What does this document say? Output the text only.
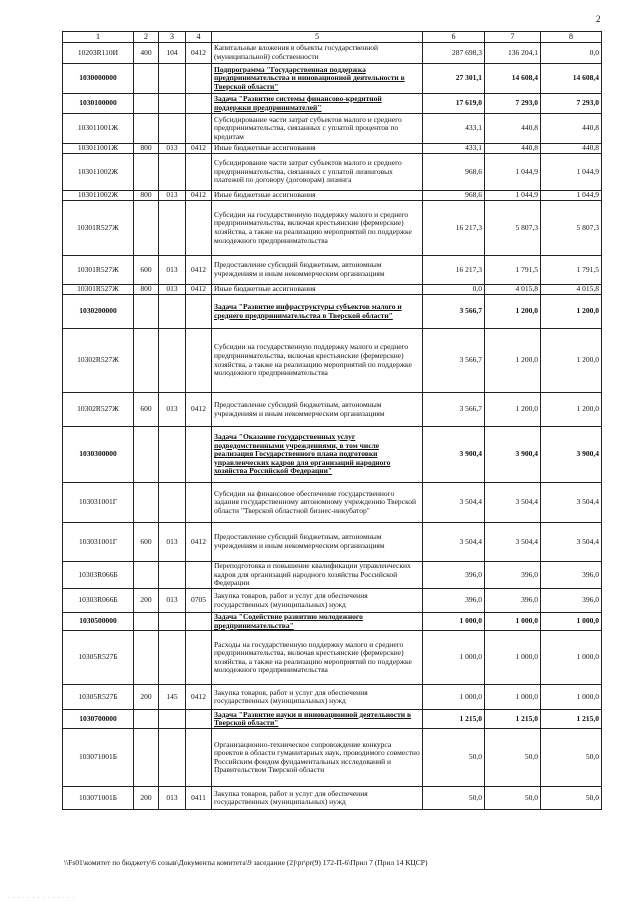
2
1	2	3	4	5	6	7	8
10203R110И	400	104	0412	Капитальные вложения в объекты государственной (муниципальной) собственности	287 698,3	136 204,1	0,0
1030000000				Подпрограмма "Государственная поддержка предпринимательства и инновационной деятельности в Тверской области"	27 301,1	14 608,4	14 608,4
1030100000				Задача "Развитие системы финансово-кредитной поддержки предпринимателей"	17 619,0	7 293,0	7 293,0
103011001Ж				Субсидирование части затрат субъектов малого и среднего предпринимательства, связанных с уплатой процентов по кредитам	433,1	440,8	440,8
103011001Ж	800	013	0412	Иные бюджетные ассигнования	433,1	440,8	440,8
103011002Ж				Субсидирование части затрат субъектов малого и среднего предпринимательства, связанных с уплатой лизинговых платежей по договору (договорам) лизинга	968,6	1 044,9	1 044,9
103011002Ж	800	013	0412	Иные бюджетные ассигнования	968,6	1 044,9	1 044,9
10301R527Ж				Субсидии на государственную поддержку малого и среднего предпринимательства, включая крестьянские (фермерские) хозяйства, а также на реализацию мероприятий по поддержке молодежного предпринимательства	16 217,3	5 807,3	5 807,3
10301R527Ж	600	013	0412	Предоставление субсидий бюджетным, автономным учреждениям и иным некоммерческим организациям	16 217,3	1 791,5	1 791,5
10301R527Ж	800	013	0412	Иные бюджетные ассигнования	0,0	4 015,8	4 015,8
1030200000				Задача "Развитие инфраструктуры субъектов малого и среднего предпринимательства в Тверской области"	3 566,7	1 200,0	1 200,0
10302R527Ж				Субсидии на государственную поддержку малого и среднего предпринимательства, включая крестьянские (фермерские) хозяйства, а также на реализацию мероприятий по поддержке молодежного предпринимательства	3 566,7	1 200,0	1 200,0
10302R527Ж	600	013	0412	Предоставление субсидий бюджетным, автономным учреждениям и иным некоммерческим организациям	3 566,7	1 200,0	1 200,0
1030300000				Задача "Оказание государственных услуг подведомственными учреждениями, в том числе реализация Государственного плана подготовки управленческих кадров для организаций народного хозяйства Российской Федерации"	3 900,4	3 900,4	3 900,4
103031001Г				Субсидии на финансовое обеспечение государственного задания государственному автономному учреждению Тверской области "Тверской областной бизнес-инкубатор"	3 504,4	3 504,4	3 504,4
103031001Г	600	013	0412	Предоставление субсидий бюджетным, автономным учреждениям и иным некоммерческим организациям	3 504,4	3 504,4	3 504,4
10303R066Б				Переподготовка и повышение квалификации управленческих кадров для организаций народного хозяйства Российской Федерации	396,0	396,0	396,0
10303R066Б	200	013	0705	Закупка товаров, работ и услуг для обеспечения государственных (муниципальных) нужд	396,0	396,0	396,0
1030500000				Задача "Содействие развитию молодежного предпринимательства"	1 000,0	1 000,0	1 000,0
10305R527Б				Расходы на государственную поддержку малого и среднего предпринимательства, включая крестьянские (фермерские) хозяйства, а также на реализацию мероприятий по поддержке молодежного предпринимательства	1 000,0	1 000,0	1 000,0
10305R527Б	200	145	0412	Закупка товаров, работ и услуг для обеспечения государственных (муниципальных) нужд	1 000,0	1 000,0	1 000,0
1030700000				Задача "Развитие науки и инновационной деятельности в Тверской области"	1 215,0	1 215,0	1 215,0
103071001Б				Организационно-техническое сопровождение конкурса проектов в области гуманитарных наук, проводимого совместно Российским фондом фундаментальных исследований и Правительством Тверской области	50,0	50,0	50,0
103071001Б	200	013	0411	Закупка товаров, работ и услуг для обеспечения государственных (муниципальных) нужд	50,0	50,0	50,0
\\Fs01\комитет по бюджету\6 созыв\Документы комитета\9 заседание (2)\pr\pr(9) 172-П-6\Прил 7 (Прил 14 КЦСР)
. . . . . . . . . . . . . .
